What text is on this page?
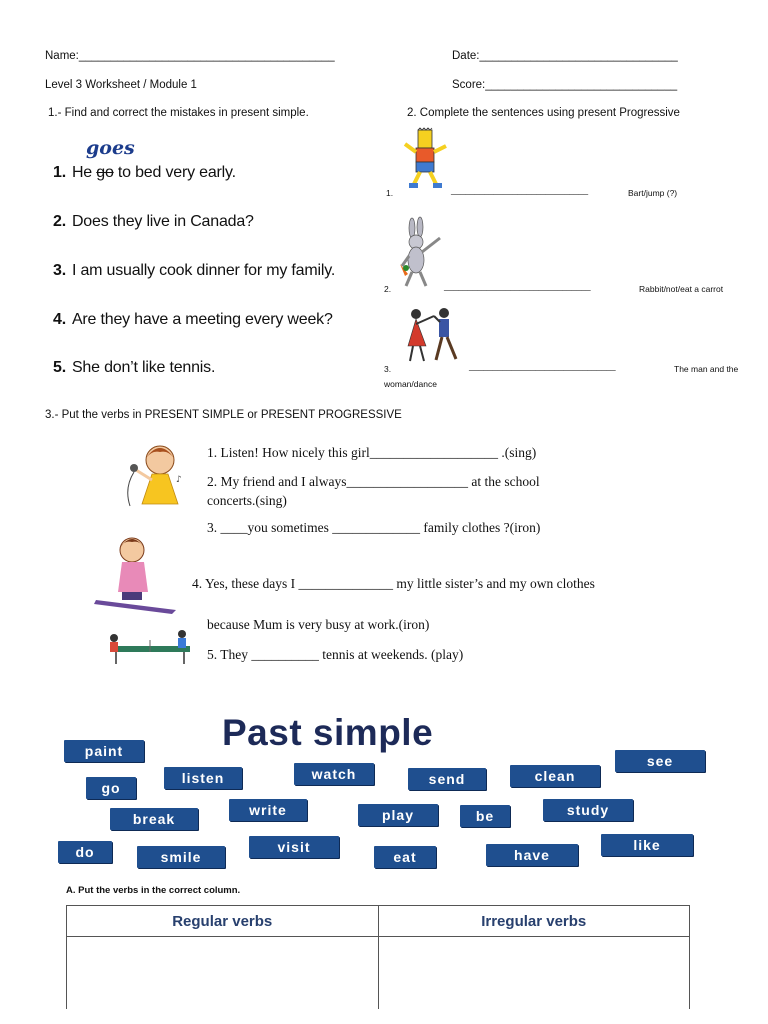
Name:________________________________________	Date:_______________________________
Level 3 Worksheet / Module 1	Score:______________________________
1.- Find and correct the mistakes in present simple.
goes
1. He go to bed very early.
2. Does they live in Canada?
3. I am usually cook dinner for my family.
4. Are they have a meeting every week?
5. She don’t like tennis.
2. Complete the sentences using present Progressive
1.	_____________________________	Bart/jump (?)
2.	_______________________________	Rabbit/not/eat a carrot
3.	_______________________________	The man and the
woman/dance
3.- Put the verbs in PRESENT SIMPLE or PRESENT PROGRESSIVE
♪
1. Listen! How nicely this girl___________________ .(sing)
2. My friend and I always__________________ at the school
concerts.(sing)
3. ____you sometimes _____________ family clothes ?(iron)
4. Yes, these days I ______________ my little sister’s and my own clothes
because Mum is very busy at work.(iron)
5. They __________ tennis at weekends. (play)
Past simple
paint
go
listen	watch	send	clean
see
break
write	play	be	study
do	smile
visit
eat	have
like
A. Put the verbs in the correct column.
Regular verbs	Irregular verbs
